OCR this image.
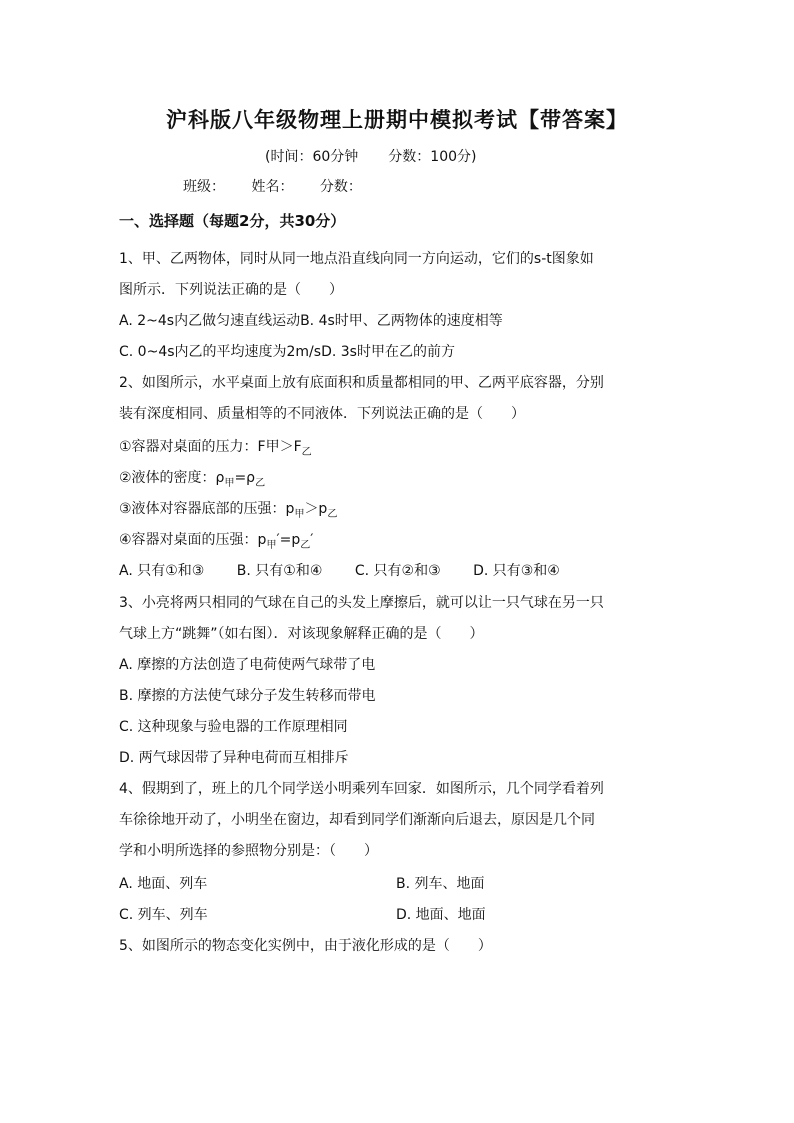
沪科版八年级物理上册期中模拟考试【带答案】
(时间：60分钟 分数：100分)
班级： 姓名： 分数：
一、选择题（每题2分，共30分）
1、甲、乙两物体，同时从同一地点沿直线向同一方向运动，它们的s-t图象如
图所示．下列说法正确的是（　　）
A. 2~4s内乙做匀速直线运动B. 4s时甲、乙两物体的速度相等
C. 0~4s内乙的平均速度为2m/sD. 3s时甲在乙的前方
2、如图所示，水平桌面上放有底面积和质量都相同的甲、乙两平底容器，分别
装有深度相同、质量相等的不同液体．下列说法正确的是（　　）
①容器对桌面的压力：F甲$>F_乙$
②液体的密度：$\rho_甲=\rho_乙$
③液体对容器底部的压强：$p_甲>p_乙$
④容器对桌面的压强：$p_甲'=p_乙'$
A. 只有①和③　　 B. 只有①和④　　 C. 只有②和③　　 D. 只有③和④
3、小亮将两只相同的气球在自己的头发上摩擦后，就可以让一只气球在另一只
气球上方“跳舞”（如右图）．对该现象解释正确的是（　　）
A. 摩擦的方法创造了电荷使两气球带了电
B. 摩擦的方法使气球分子发生转移而带电
C. 这种现象与验电器的工作原理相同
D. 两气球因带了异种电荷而互相排斥
4、假期到了，班上的几个同学送小明乘列车回家．如图所示，几个同学看着列
车徐徐地开动了，小明坐在窗边，却看到同学们渐渐向后退去，原因是几个同
学和小明所选择的参照物分别是：（　　）
A. 地面、列车	B. 列车、地面
C. 列车、列车	D. 地面、地面
5、如图所示的物态变化实例中，由于液化形成的是（　　）
